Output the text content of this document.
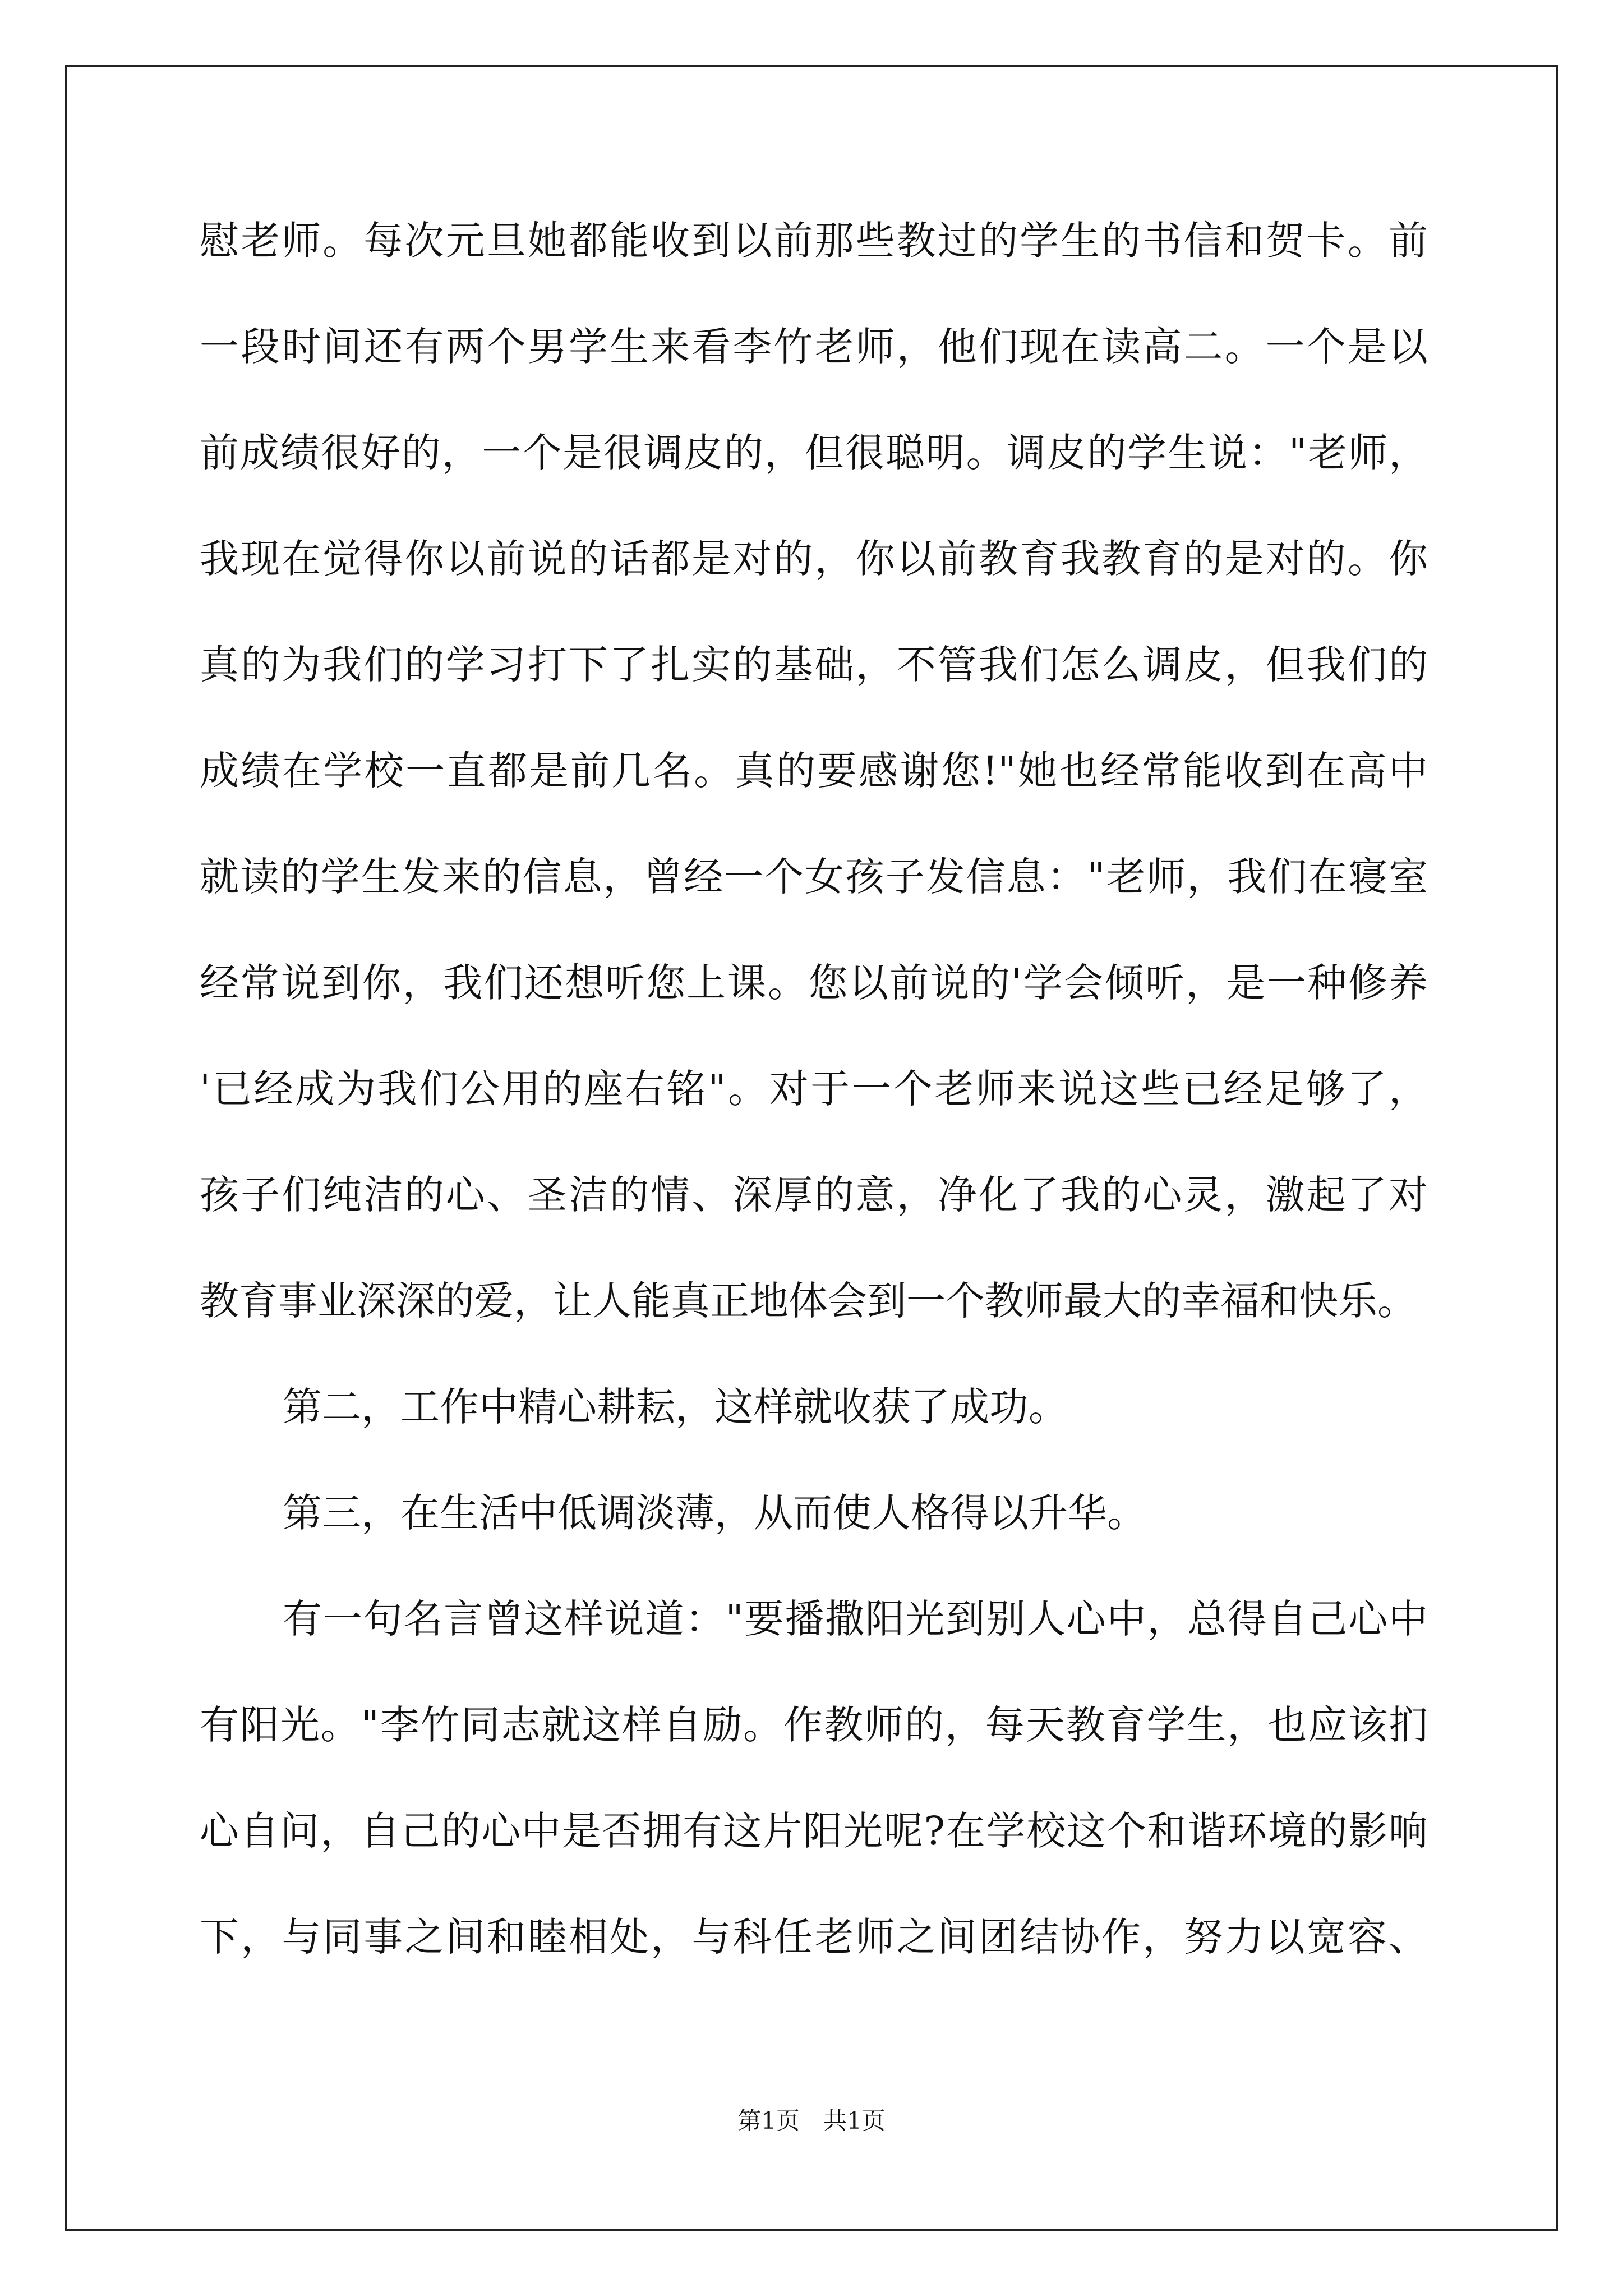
慰老师。每次元旦她都能收到以前那些教过的学生的书信和贺卡。前
一段时间还有两个男学生来看李竹老师，他们现在读高二。一个是以
前成绩很好的，一个是很调皮的，但很聪明。调皮的学生说："老师，
我现在觉得你以前说的话都是对的，你以前教育我教育的是对的。你
真的为我们的学习打下了扎实的基础，不管我们怎么调皮，但我们的
成绩在学校一直都是前几名。真的要感谢您!"她也经常能收到在高中
就读的学生发来的信息，曾经一个女孩子发信息："老师，我们在寝室
经常说到你，我们还想听您上课。您以前说的'学会倾听，是一种修养
'已经成为我们公用的座右铭"。对于一个老师来说这些已经足够了，
孩子们纯洁的心、圣洁的情、深厚的意，净化了我的心灵，激起了对
教育事业深深的爱，让人能真正地体会到一个教师最大的幸福和快乐。
第二，工作中精心耕耘，这样就收获了成功。
第三，在生活中低调淡薄，从而使人格得以升华。
有一句名言曾这样说道："要播撒阳光到别人心中，总得自己心中
有阳光。"李竹同志就这样自励。作教师的，每天教育学生，也应该扪
心自问，自己的心中是否拥有这片阳光呢?在学校这个和谐环境的影响
下，与同事之间和睦相处，与科任老师之间团结协作，努力以宽容、
第1页　共1页
